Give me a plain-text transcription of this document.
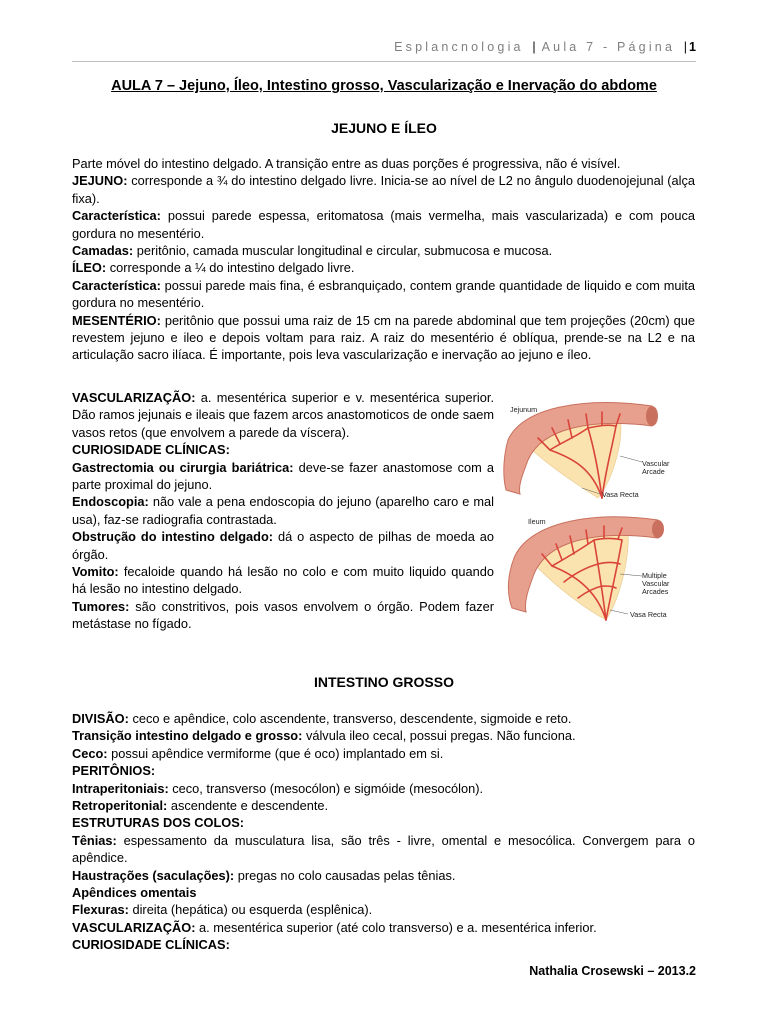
Esplancnologia | Aula 7 - Página | 1
AULA 7 – Jejuno, Íleo, Intestino grosso, Vascularização e Inervação do abdome
JEJUNO E ÍLEO

Parte móvel do intestino delgado. A transição entre as duas porções é progressiva, não é visível.

JEJUNO: corresponde a ¾ do intestino delgado livre. Inicia-se ao nível de L2 no ângulo duodenojejunal (alça fixa).

Característica: possui parede espessa, eritomatosa (mais vermelha, mais vascularizada) e com pouca gordura no mesentério.

Camadas: peritônio, camada muscular longitudinal e circular, submucosa e mucosa.

ÍLEO: corresponde a ¼ do intestino delgado livre.

Característica: possui parede mais fina, é esbranquiçado, contem grande quantidade de liquido e com muita gordura no mesentério.

MESENTÉRIO: peritônio que possui uma raiz de 15 cm na parede abdominal que tem projeções (20cm) que revestem jejuno e ileo e depois voltam para raiz. A raiz do mesentério é oblíqua, prende-se na L2 e na articulação sacro ilíaca. É importante, pois leva vascularização e inervação ao jejuno e íleo.

VASCULARIZAÇÃO: a. mesentérica superior e v. mesentérica superior. Dão ramos jejunais e ileais que fazem arcos anastomoticos de onde saem vasos retos (que envolvem a parede da víscera).

CURIOSIDADE CLÍNICAS:

Gastrectomia ou cirurgia bariátrica: deve-se fazer anastomose com a parte proximal do jejuno.

Endoscopia: não vale a pena endoscopia do jejuno (aparelho caro e mal usa), faz-se radiografia contrastada.

Obstrução do intestino delgado: dá o aspecto de pilhas de moeda ao órgão.

Vomito: fecaloide quando há lesão no colo e com muito liquido quando há lesão no intestino delgado.

Tumores: são constritivos, pois vasos envolvem o órgão. Podem fazer metástase no fígado.

Jejunum
Vascular
Arcade
Vasa Recta
Ileum
Multiple
Vascular
Arcades
Vasa Recta
INTESTINO GROSSO

DIVISÃO: ceco e apêndice, colo ascendente, transverso, descendente, sigmoide e reto.

Transição intestino delgado e grosso: válvula ileo cecal, possui pregas. Não funciona.

Ceco: possui apêndice vermiforme (que é oco) implantado em si.

PERITÔNIOS:

Intraperitoniais: ceco, transverso (mesocólon) e sigmóide (mesocólon).

Retroperitonial: ascendente e descendente.

ESTRUTURAS DOS COLOS:

Tênias: espessamento da musculatura lisa, são três - livre, omental e mesocólica. Convergem para o apêndice.

Haustrações (saculações): pregas no colo causadas pelas tênias.

Apêndices omentais

Flexuras: direita (hepática) ou esquerda (esplênica).

VASCULARIZAÇÃO: a. mesentérica superior (até colo transverso) e a. mesentérica inferior.

CURIOSIDADE CLÍNICAS:

Nathalia Crosewski – 2013.2
